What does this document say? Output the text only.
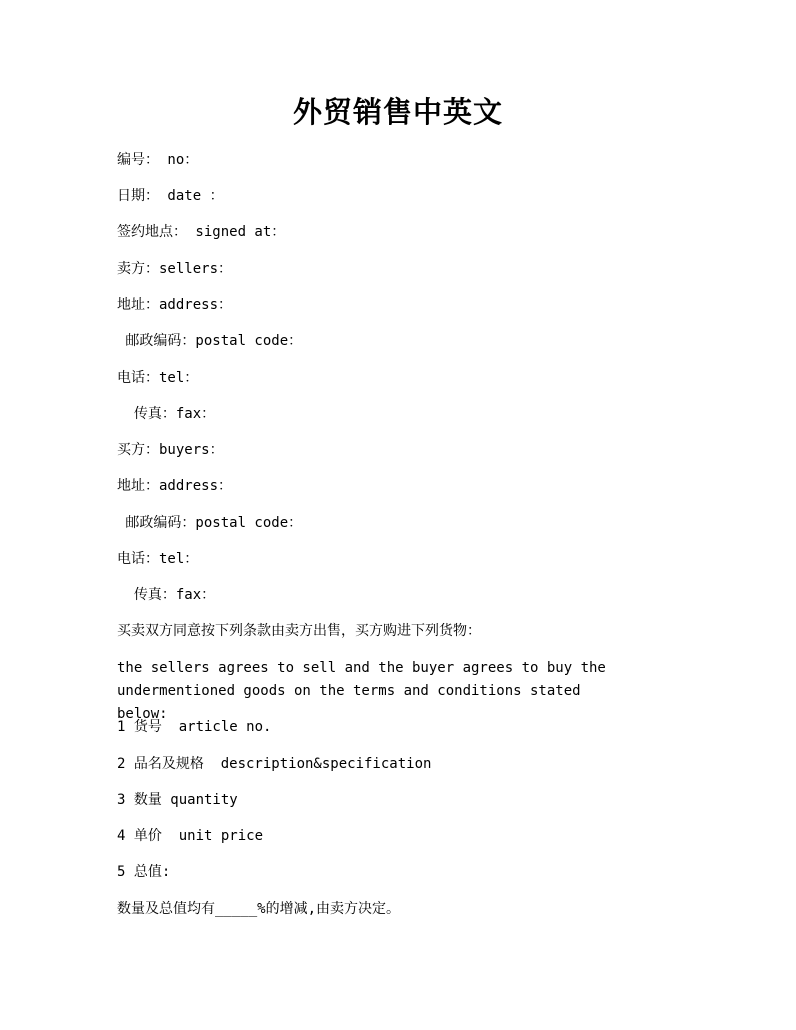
外贸销售中英文
编号： no：
日期： date ：
签约地点： signed at：
卖方：sellers：
地址：address：
邮政编码：postal code：
电话：tel：
传真：fax：
买方：buyers：
地址：address：
邮政编码：postal code：
电话：tel：
传真：fax：
买卖双方同意按下列条款由卖方出售，买方购进下列货物：
the sellers agrees to sell and the buyer agrees to buy the
undermentioned goods on the terms and conditions stated below:
1 货号  article no.
2 品名及规格  description&specification
3 数量 quantity
4 单价  unit price
5 总值:
数量及总值均有_____%的增减,由卖方决定。
